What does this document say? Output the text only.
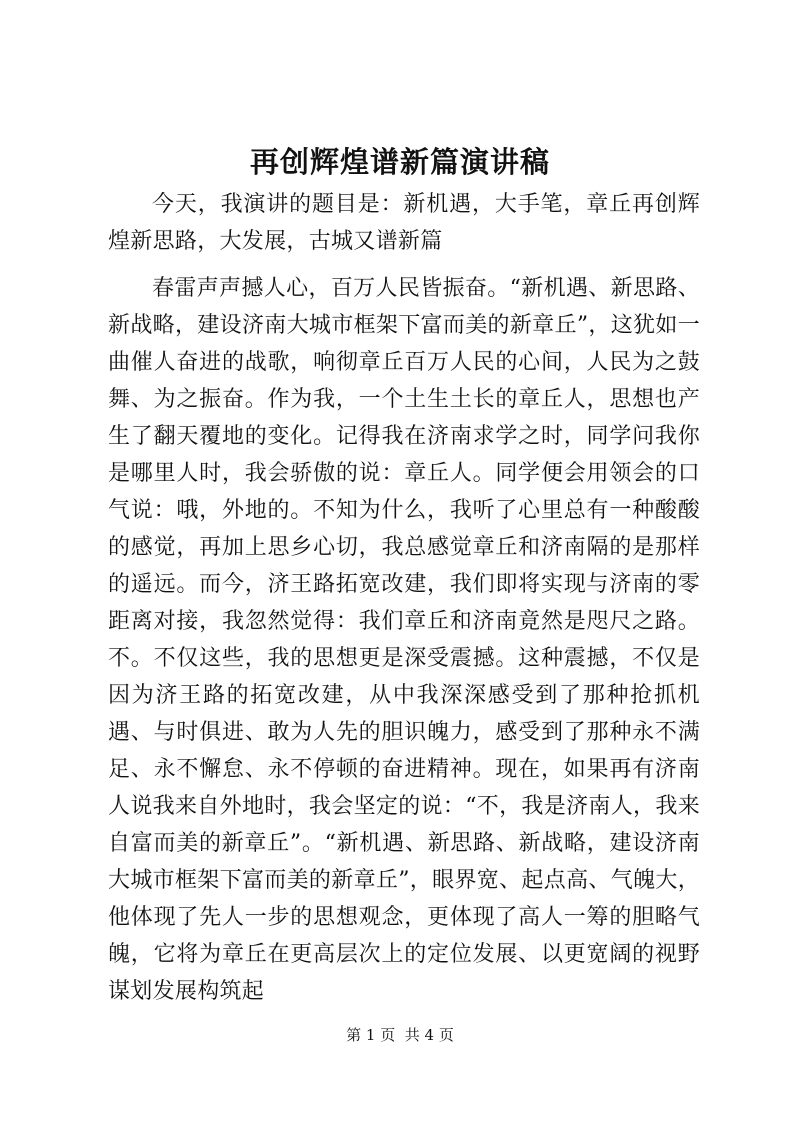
再创辉煌谱新篇演讲稿

今天，我演讲的题目是：新机遇，大手笔，章丘再创辉煌新思路，大发展，古城又谱新篇

春雷声声撼人心，百万人民皆振奋。“新机遇、新思路、新战略，建设济南大城市框架下富而美的新章丘”，这犹如一曲催人奋进的战歌，响彻章丘百万人民的心间，人民为之鼓舞、为之振奋。作为我，一个土生土长的章丘人，思想也产生了翻天覆地的变化。记得我在济南求学之时，同学问我你是哪里人时，我会骄傲的说：章丘人。同学便会用领会的口气说：哦，外地的。不知为什么，我听了心里总有一种酸酸的感觉，再加上思乡心切，我总感觉章丘和济南隔的是那样的遥远。而今，济王路拓宽改建，我们即将实现与济南的零距离对接，我忽然觉得：我们章丘和济南竟然是咫尺之路。不。不仅这些，我的思想更是深受震撼。这种震撼，不仅是因为济王路的拓宽改建，从中我深深感受到了那种抢抓机遇、与时俱进、敢为人先的胆识魄力，感受到了那种永不满足、永不懈怠、永不停顿的奋进精神。现在，如果再有济南人说我来自外地时，我会坚定的说：“不，我是济南人，我来自富而美的新章丘”。“新机遇、新思路、新战略，建设济南大城市框架下富而美的新章丘”，眼界宽、起点高、气魄大，他体现了先人一步的思想观念，更体现了高人一筹的胆略气魄，它将为章丘在更高层次上的定位发展、以更宽阔的视野谋划发展构筑起

第 1 页  共 4 页
